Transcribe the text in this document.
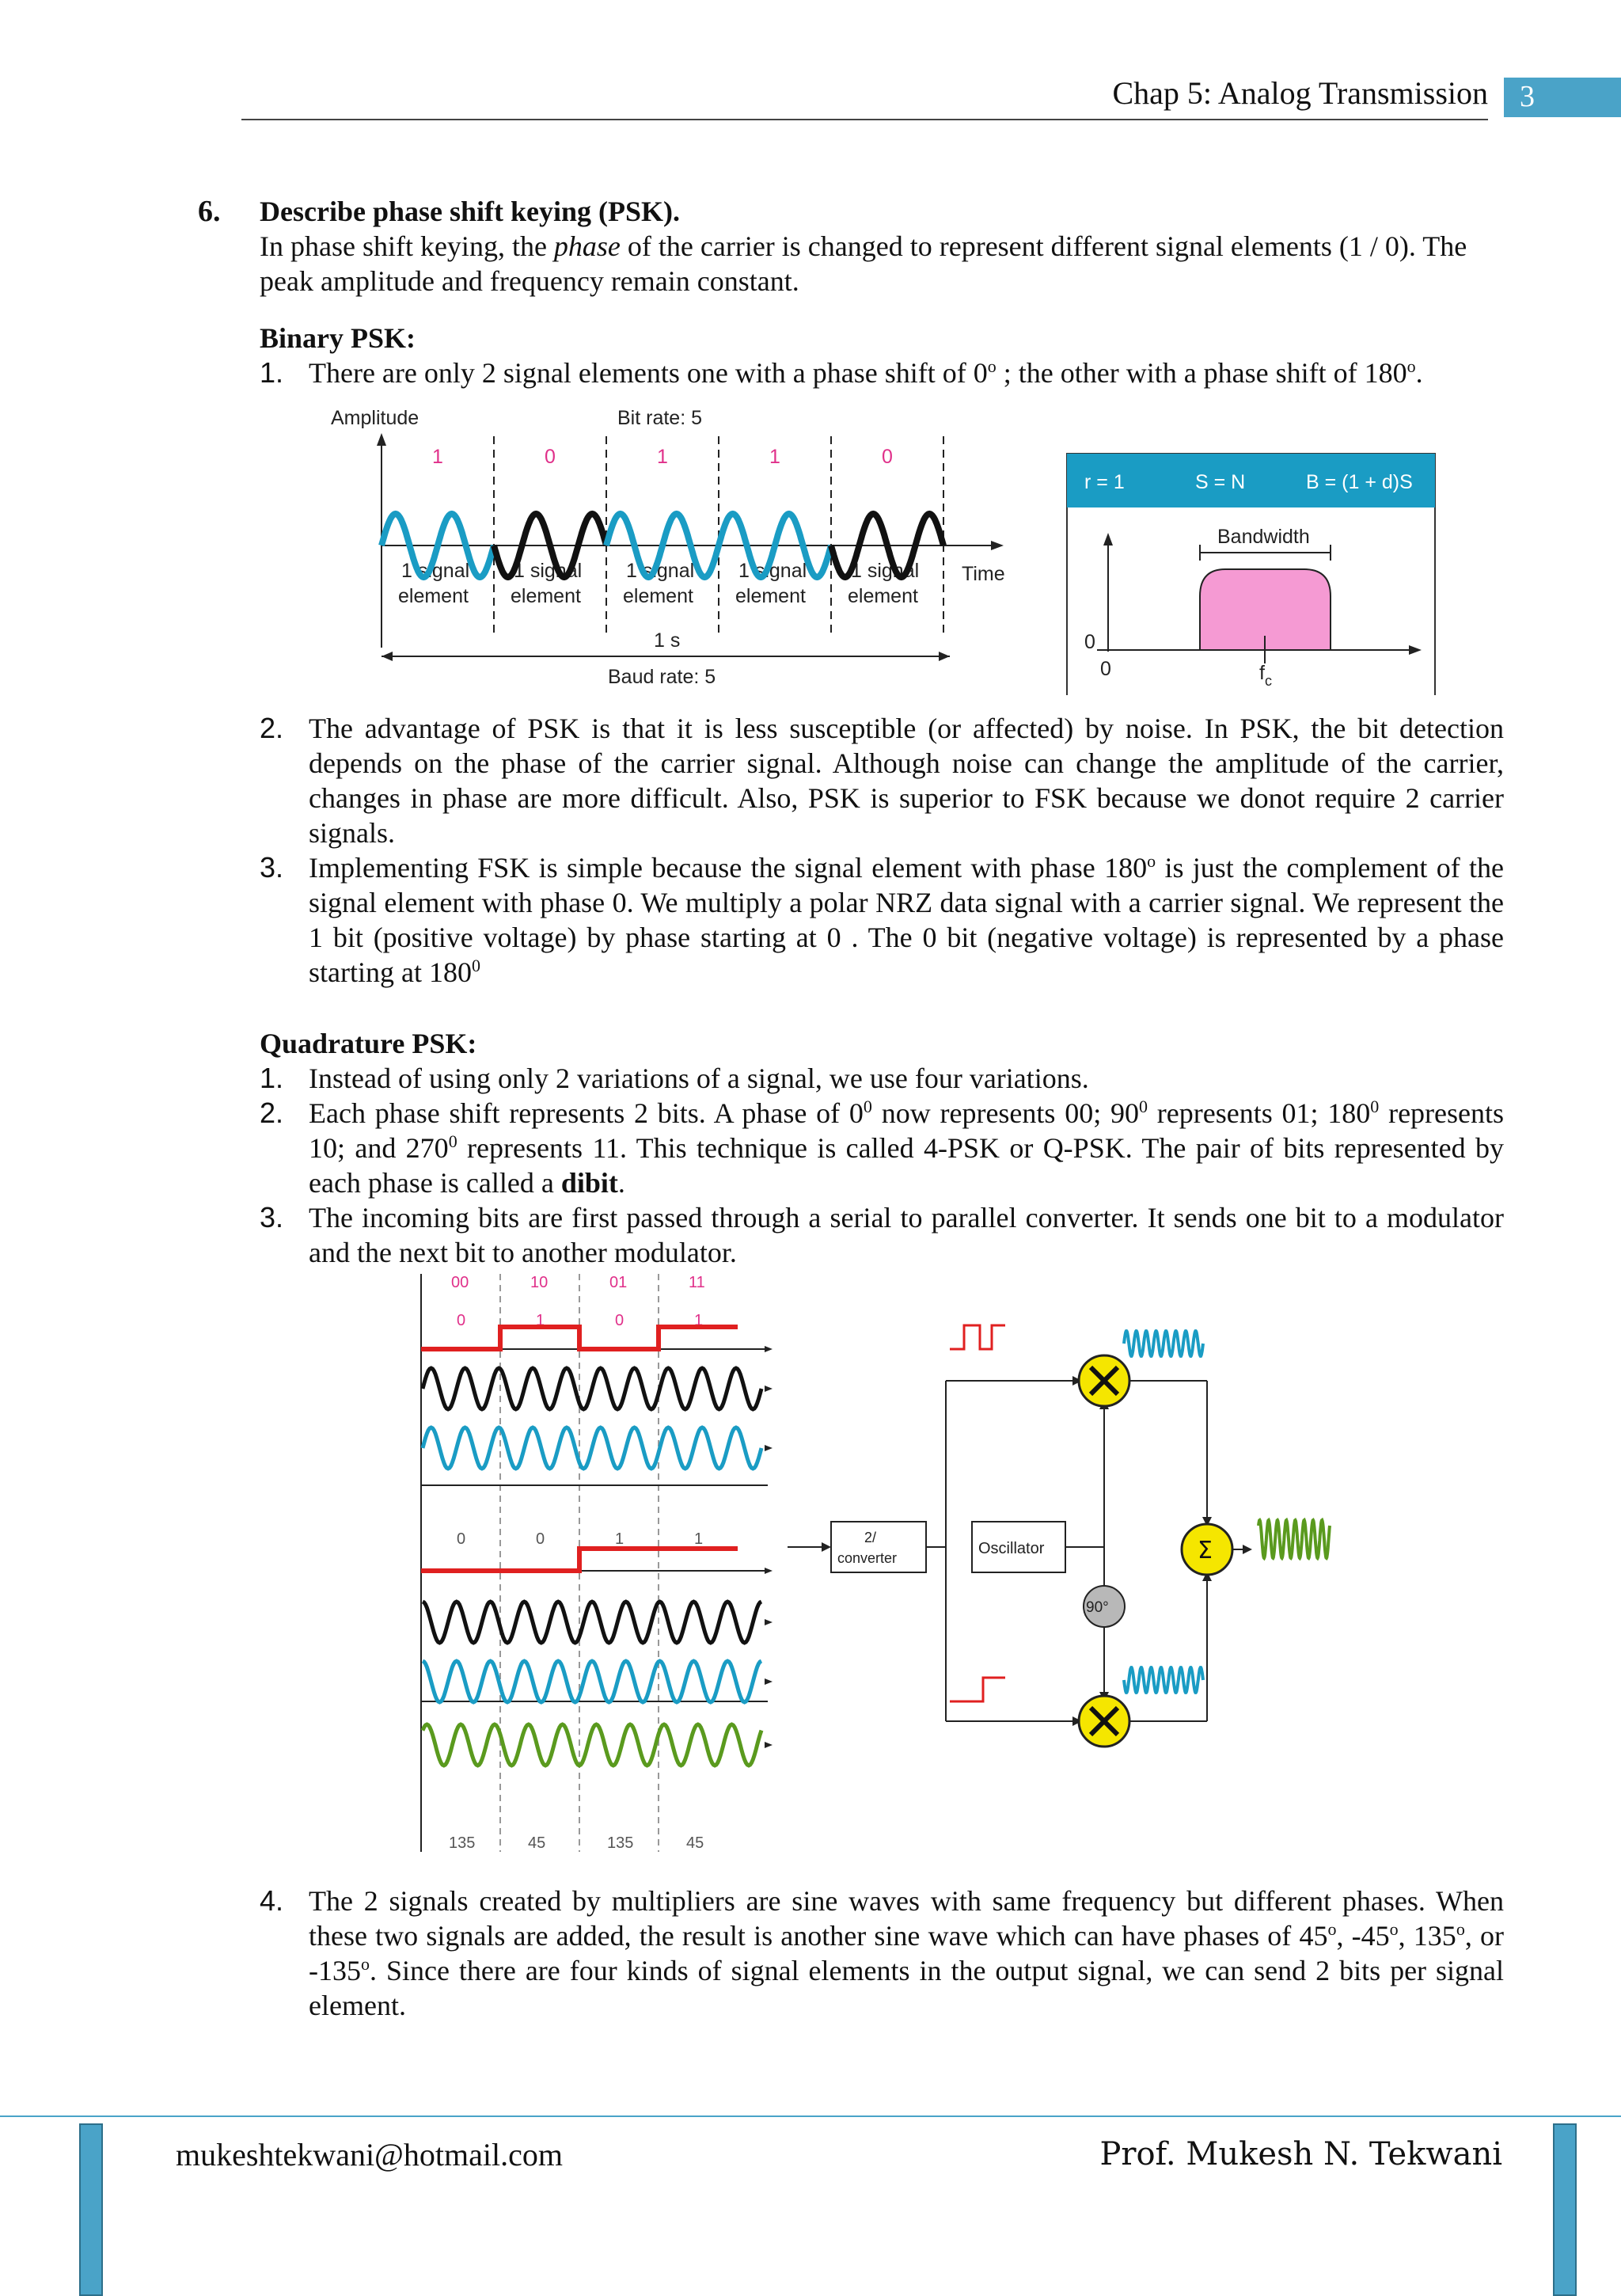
Chap 5: Analog Transmission	3
6. Describe phase shift keying (PSK).
In phase shift keying, the phase of the carrier is changed to represent different signal elements (1 / 0). The peak amplitude and frequency remain constant.
Binary PSK:
1. There are only 2 signal elements one with a phase shift of 0$^o$ ; the other with a phase shift of 180$^o$.
Amplitude	Bit rate: 5
Time
1	0	1	1	0
1 signal
element
1 signal
element
1 signal
element
1 signal
element
1 signal
element
1 s
Baud rate: 5
r = 1	S = N	B = (1 + d)S
Bandwidth
0
0	$f_c$
2. The advantage of PSK is that it is less susceptible (or affected) by noise. In PSK, the bit detection depends on the phase of the carrier signal. Although noise can change the amplitude of the carrier, changes in phase are more difficult. Also, PSK is superior to FSK because we donot require 2 carrier signals.
3. Implementing FSK is simple because the signal element with phase 180$^o$ is just the complement of the signal element with phase 0. We multiply a polar NRZ data signal with a carrier signal. We represent the 1 bit (positive voltage) by phase starting at 0 . The 0 bit (negative voltage) is represented by a phase starting at $180^0$
Quadrature PSK:
1. Instead of using only 2 variations of a signal, we use four variations.
2. Each phase shift represents 2 bits. A phase of $0^0$ now represents 00; $90^0$ represents 01; $180^0$ represents 10; and $270^0$ represents 11. This technique is called 4-PSK or Q-PSK. The pair of bits represented by each phase is called a dibit.
3. The incoming bits are first passed through a serial to parallel converter. It sends one bit to a modulator and the next bit to another modulator.
00	10	01	11
0	1	0	1
0	0	1	1
135	45	135	45
2/
converter
Oscillator
90°
Σ
4. The 2 signals created by multipliers are sine waves with same frequency but different phases. When these two signals are added, the result is another sine wave which can have phases of 45$^o$, -45$^o$, 135$^o$, or -135$^o$. Since there are four kinds of signal elements in the output signal, we can send 2 bits per signal element.
mukeshtekwani@hotmail.com	Prof. Mukesh N. Tekwani
